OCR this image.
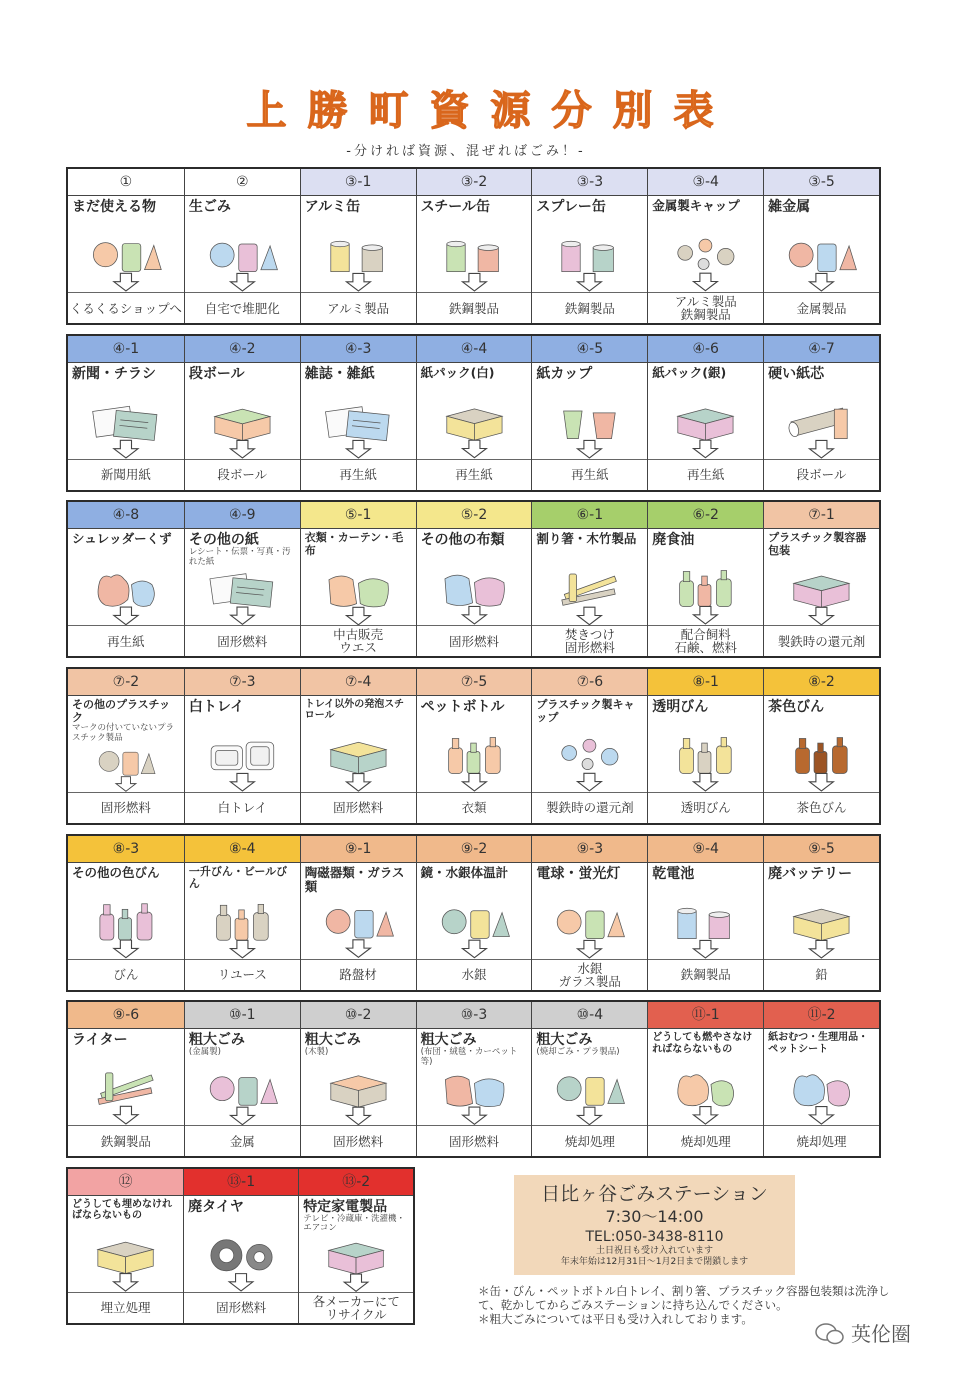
上勝町資源分別表
-分ければ資源、混ぜればごみ！-
①
まだ使える物
くるくるショップへ
②
生ごみ
自宅で堆肥化
③-1
アルミ缶
アルミ製品
③-2
スチール缶
鉄鋼製品
③-3
スプレー缶
鉄鋼製品
③-4
金属製キャップ
アルミ製品
鉄鋼製品
③-5
雑金属
金属製品
④-1
新聞・チラシ
新聞用紙
④-2
段ボール
段ボール
④-3
雑誌・雑紙
再生紙
④-4
紙パック(白)
再生紙
④-5
紙カップ
再生紙
④-6
紙パック(銀)
再生紙
④-7
硬い紙芯
段ボール
④-8
シュレッダーくず
再生紙
④-9
その他の紙
レシート・伝票・写真・汚れた紙
固形燃料
⑤-1
衣類・カーテン・毛布
中古販売
ウエス
⑤-2
その他の布類
固形燃料
⑥-1
割り箸・木竹製品
焚きつけ
固形燃料
⑥-2
廃食油
配合飼料
石鹸、燃料
⑦-1
プラスチック製容器包装
製鉄時の還元剤
⑦-2
その他のプラスチック
マークの付いていないプラスチック製品
固形燃料
⑦-3
白トレイ
白トレイ
⑦-4
トレイ以外の発泡スチロール
固形燃料
⑦-5
ペットボトル
衣類
⑦-6
プラスチック製キャップ
製鉄時の還元剤
⑧-1
透明びん
透明びん
⑧-2
茶色びん
茶色びん
⑧-3
その他の色びん
びん
⑧-4
一升びん・ビールびん
リユース
⑨-1
陶磁器類・ガラス類
路盤材
⑨-2
鏡・水銀体温計
水銀
⑨-3
電球・蛍光灯
水銀
ガラス製品
⑨-4
乾電池
鉄鋼製品
⑨-5
廃バッテリー
鉛
⑨-6
ライター
鉄鋼製品
⑩-1
粗大ごみ
(金属製)
金属
⑩-2
粗大ごみ
(木製)
固形燃料
⑩-3
粗大ごみ
(布団・絨毯・カーペット等)
固形燃料
⑩-4
粗大ごみ
(焼却ごみ・プラ製品)
焼却処理
⑪-1
どうしても燃やさなければならないもの
焼却処理
⑪-2
紙おむつ・生理用品・ペットシート
焼却処理
⑫
どうしても埋めなければならないもの
埋立処理
⑬-1
廃タイヤ
固形燃料
⑬-2
特定家電製品
テレビ・冷蔵庫・洗濯機・エアコン
各メーカーにて
リサイクル
日比ヶ谷ごみステーション
7:30～14:00
TEL:050-3438-8110
土日祝日も受け入れています
年末年始は12月31日～1月2日まで閉鎖します

＊缶・びん・ペットボトル白トレイ、割り箸、プラスチック容器包装類は洗浄して、乾かしてからごみステーションに持ち込んでください。

＊粗大ごみについては平日も受け入れしております。

英伦圈
